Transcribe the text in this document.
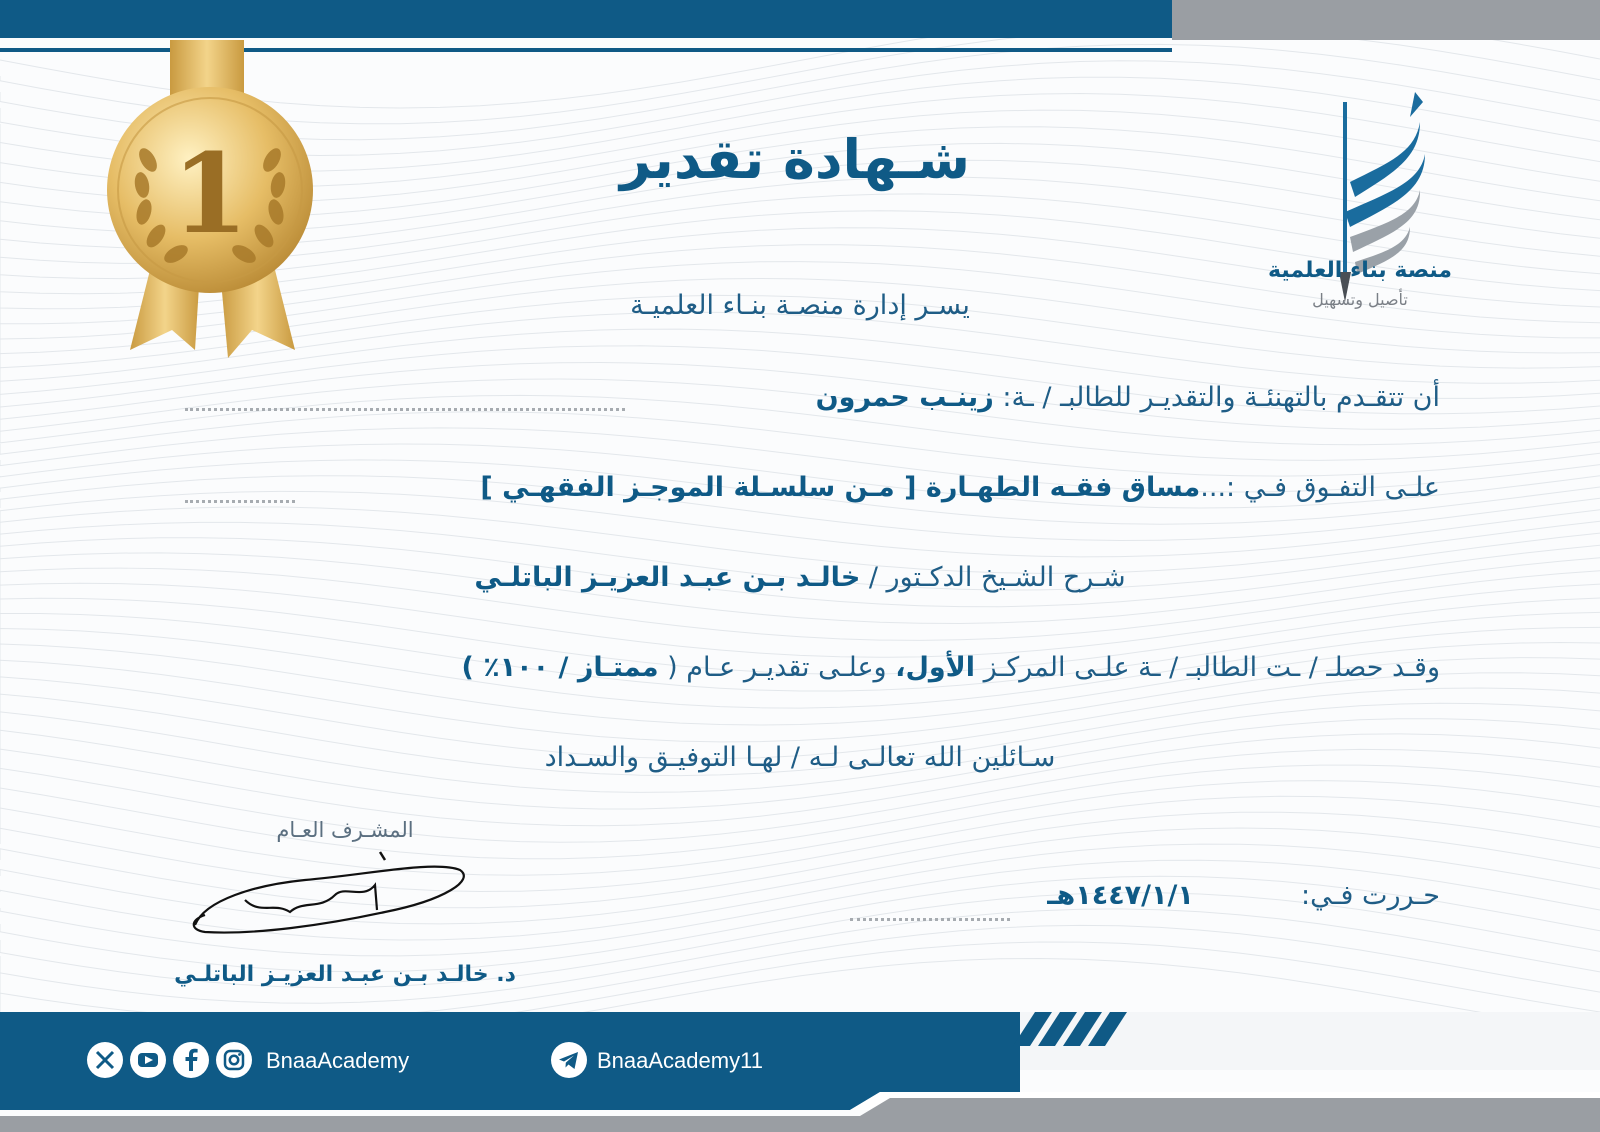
1
منصة بناء العلمية
تأصيل وتسهيل
شـهادة تقدير
يسـر إدارة منصـة بنـاء العلميـة
أن تتقـدم بالتهنئـة والتقديـر للطالبـ / ـة: زينـب حمرون
علـى التفـوق فـي :...مساق فقـه الطهـارة [ مـن سلسـلة الموجـز الفقهـي ]
شـرح الشـيخ الدكـتور / خالـد بـن عبـد العزيـز الباتلـي
وقـد حصلـ / ـت الطالبـ / ـة علـى المركـز الأول، وعلـى تقديـر عـام ( ممتـاز / ١٠٠٪ )
سـائلين الله تعالـى لـه / لهـا التوفيـق والسـداد
حـررت فـي:  ١٤٤٧/١/١هـ
المشـرف العـام
د. خالـد بـن عبـد العزيـز الباتلـي
BnaaAcademy	BnaaAcademy11
